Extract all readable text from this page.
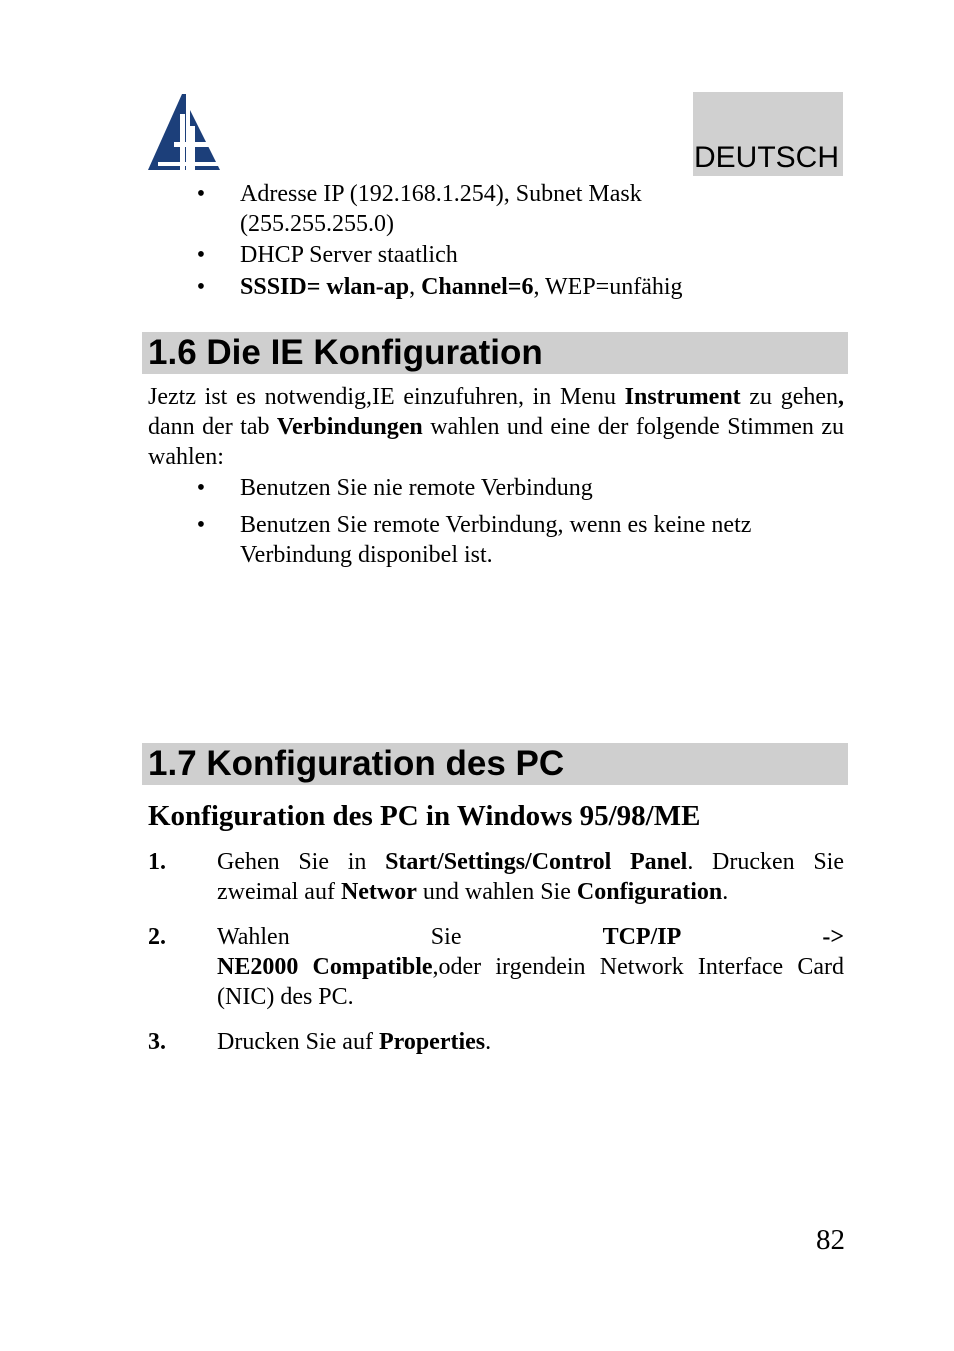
DEUTSCH
• Adresse IP (192.168.1.254), Subnet Mask
(255.255.255.0)
• DHCP Server staatlich
• SSSID= wlan-ap, Channel=6, WEP=unfähig
1.6 Die IE Konfiguration
Jeztz ist es notwendig,IE einzufuhren, in Menu Instrument zu gehen, dann der tab Verbindungen wahlen und eine der folgende Stimmen zu wahlen:
• Benutzen Sie nie remote Verbindung
• Benutzen Sie remote Verbindung, wenn es keine netz
Verbindung disponibel ist.
1.7 Konfiguration des PC
Konfiguration des PC in Windows 95/98/ME
1. Gehen Sie in Start/Settings/Control Panel. Drucken Sie zweimal auf Networ und wahlen Sie Configuration.
2. Wahlen	Sie	TCP/IP	->
NE2000 Compatible,oder irgendein Network Interface Card (NIC) des PC.
3. Drucken Sie auf Properties.
82
